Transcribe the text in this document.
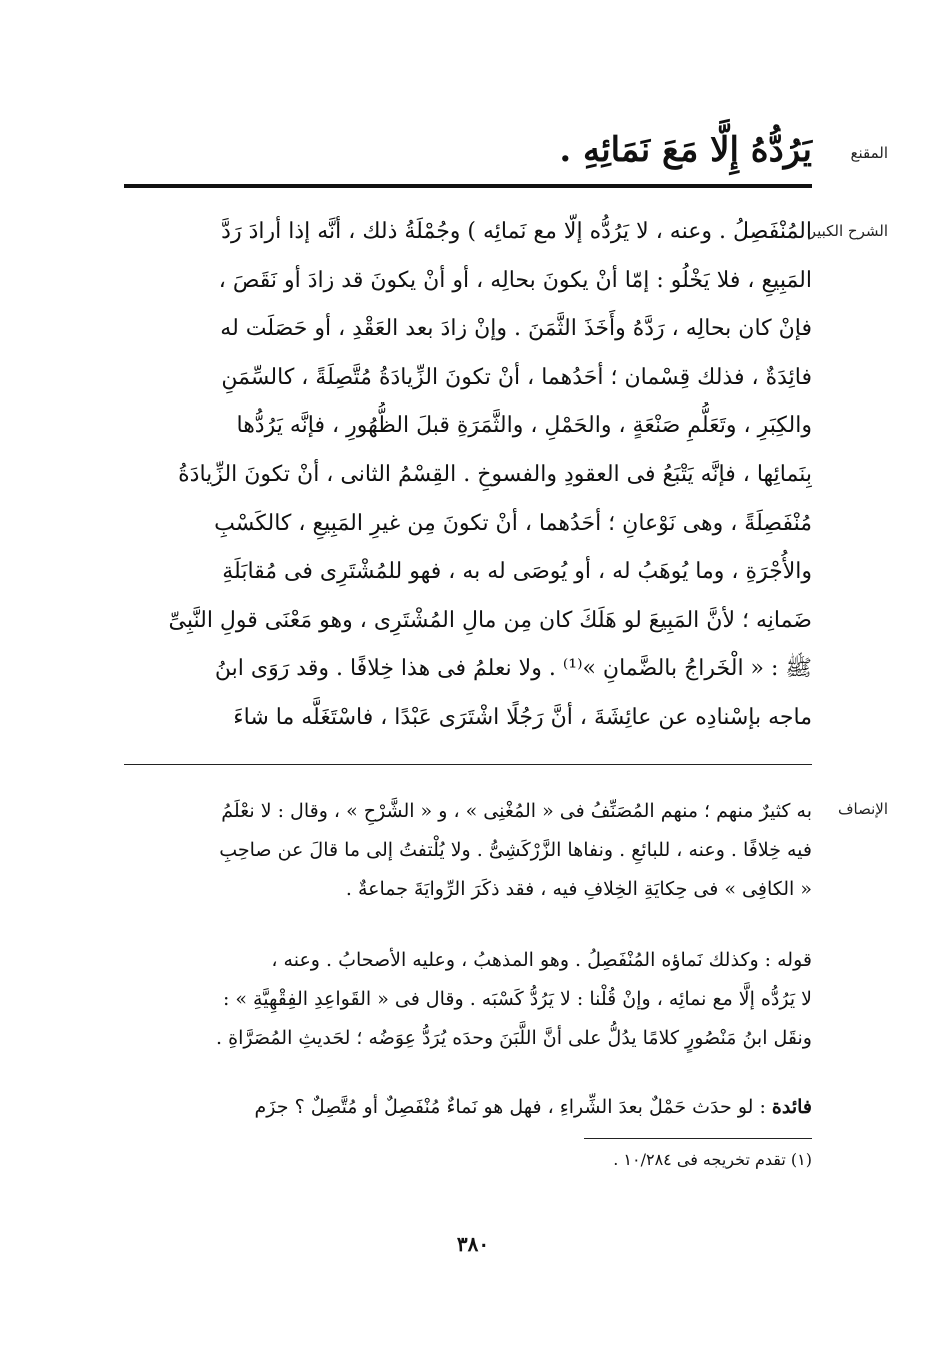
المقنع
يَرُدُّهُ إِلَّا مَعَ نَمَائِهِ .
الشرح الكبير
المُنْفَصِلُ . وعنه ، لا يَرُدُّه إلّا مع نَمائِه ) وجُمْلَةُ ذلك ، أنَّه إذا أرادَ رَدَّ
المَبِيعِ ، فلا يَخْلُو : إمّا أنْ يكونَ بحالِه ، أو أنْ يكونَ قد زادَ أو نَقَصَ ،
فإنْ كان بحالِه ، رَدَّهُ وأَخَذَ الثَّمَنَ . وإنْ زادَ بعد العَقْدِ ، أو حَصَلَت له
فائِدَةٌ ، فذلك قِسْمان ؛ أحَدُهما ، أنْ تكونَ الزِّيادَةُ مُتَّصِلَةً ، كالسِّمَنِ
والكِبَرِ ، وتَعَلُّمِ صَنْعَةٍ ، والحَمْلِ ، والثَّمَرَةِ قبلَ الظُّهُورِ ، فإنَّه يَرُدُّها
بِنَمائِها ، فإنَّه يَتْبَعُ فى العقودِ والفسوخِ . القِسْمُ الثانى ، أنْ تكونَ الزِّيادَةُ
مُنْفَصِلَةً ، وهى نَوْعانِ ؛ أحَدُهما ، أنْ تكونَ مِن غيرِ المَبِيعِ ، كالكَسْبِ
والأُجْرَةِ ، وما يُوهَبُ له ، أو يُوصَى له به ، فهو للمُشْتَرِى فى مُقابَلَةِ
ضَمانِه ؛ لأنَّ المَبِيعَ لو هَلَكَ كان مِن مالِ المُشْتَرِى ، وهو مَعْنَى قولِ النَّبِىِّ
ﷺ : « الْخَراجُ بالضَّمانِ »⁽¹⁾ . ولا نعلمُ فى هذا خِلافًا . وقد رَوَى ابنُ
ماجه بإسْنادِه عن عائِشَةَ ، أنَّ رَجُلًا اشْتَرَى عَبْدًا ، فاسْتَغَلَّه ما شاءَ
الإنصاف
به كثيرٌ منهم ؛ منهم المُصَنِّفُ فى « المُغْنِى » ، و « الشَّرْحِ » ، وقال : لا نعْلَمُ
فيه خِلافًا . وعنه ، للبائعِ . ونفاها الزَّرْكَشِىُّ . ولا يُلْتفتُ إلى ما قالَ عن صاحِبِ
« الكافِى » فى حِكايَةِ الخِلافِ فيه ، فقد ذكَرَ الرِّوايَةَ جماعةٌ .
قوله : وكذلك نَماؤه المُنْفَصِلُ . وهو المذهبُ ، وعليه الأصحابُ . وعنه ،
لا يَرُدُّه إلَّا مع نمائِه ، وإنْ قُلْنا : لا يَرُدُّ كَسْبَه . وقال فى « القَواعِدِ الفِقْهِيَّةِ » :
ونقَل ابنُ مَنْصُورٍ كلامًا يدُلُّ على أنَّ اللَّبَنَ وحدَه يُرَدُّ عِوَضُه ؛ لحَديثِ المُصَرَّاةِ .
فائدة : لو حدَث حَمْلٌ بعدَ الشِّراءِ ، فهل هو نَماءٌ مُنْفَصِلٌ أو مُتَّصِلٌ ؟ جزَم
(١) تقدم تخريجه فى ١٠/٢٨٤ .
٣٨٠
